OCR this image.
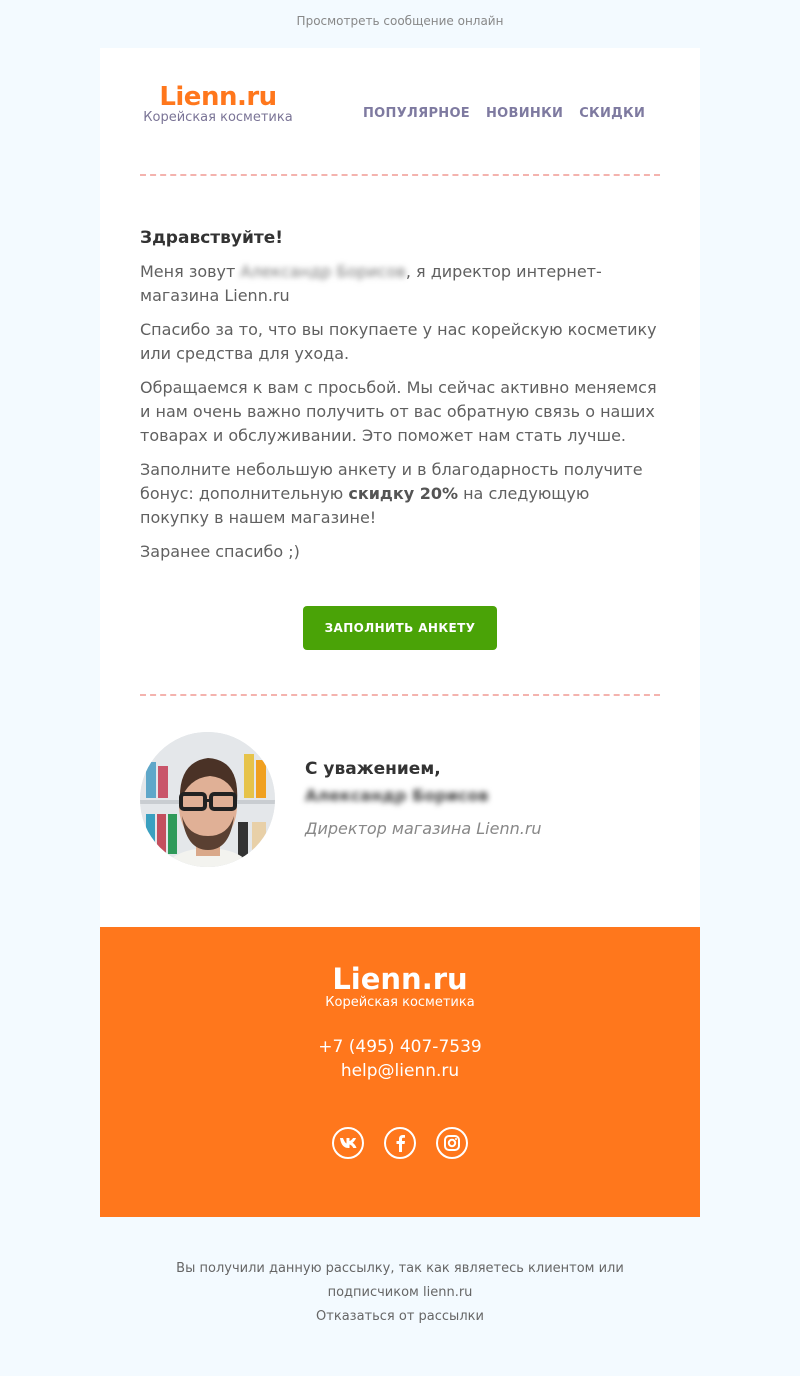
Просмотреть сообщение онлайн
Lienn.ru
Корейская косметика	ПОПУЛЯРНОЕ НОВИНКИ СКИДКИ
Здравствуйте!

Меня зовут Александр Борисов, я директор интернет-магазина Lienn.ru

Спасибо за то, что вы покупаете у нас корейскую косметику или средства для ухода.

Обращаемся к вам с просьбой. Мы сейчас активно меняемся и нам очень важно получить от вас обратную связь о наших товарах и обслуживании. Это поможет нам стать лучше.

Заполните небольшую анкету и в благодарность получите бонус: дополнительную скидку 20% на следующую покупку в нашем магазине!

Заранее спасибо ;)

ЗАПОЛНИТЬ АНКЕТУ
С уважением,
Александр Борисов
Директор магазина Lienn.ru
Lienn.ru
Корейская косметика
+7 (495) 407-7539
help@lienn.ru
Вы получили данную рассылку, так как являетесь клиентом или подписчиком lienn.ru
Отказаться от рассылки
